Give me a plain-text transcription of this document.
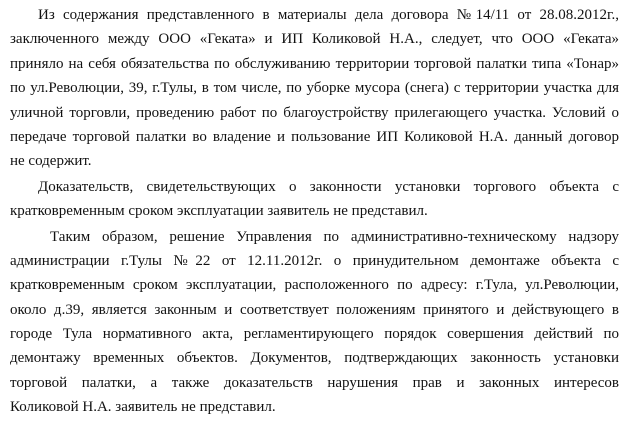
Из содержания представленного в материалы дела договора №14/11 от 28.08.2012г.,
заключенного между ООО «Геката» и ИП Коликовой Н.А., следует, что ООО «Геката»
приняло на себя обязательства по обслуживанию территории торговой палатки типа «Тонар»
по ул.Революции, 39, г.Тулы, в том числе, по уборке мусора (снега) с территории участка для
уличной торговли, проведению работ по благоустройству прилегающего участка. Условий о
передаче торговой палатки во владение и пользование ИП Коликовой Н.А. данный договор
не содержит.
Доказательств, свидетельствующих о законности установки торгового объекта с
кратковременным сроком эксплуатации заявитель не представил.
Таким образом, решение Управления по административно-техническому надзору
администрации г.Тулы №22 от 12.11.2012г. о принудительном демонтаже объекта с
кратковременным сроком эксплуатации, расположенного по адресу: г.Тула, ул.Революции,
около д.39, является законным и соответствует положениям принятого и действующего в
городе Тула нормативного акта, регламентирующего порядок совершения действий по
демонтажу временных объектов. Документов, подтверждающих законность установки
торговой палатки, а также доказательств нарушения прав и законных интересов
Коликовой Н.А. заявитель не представил.
